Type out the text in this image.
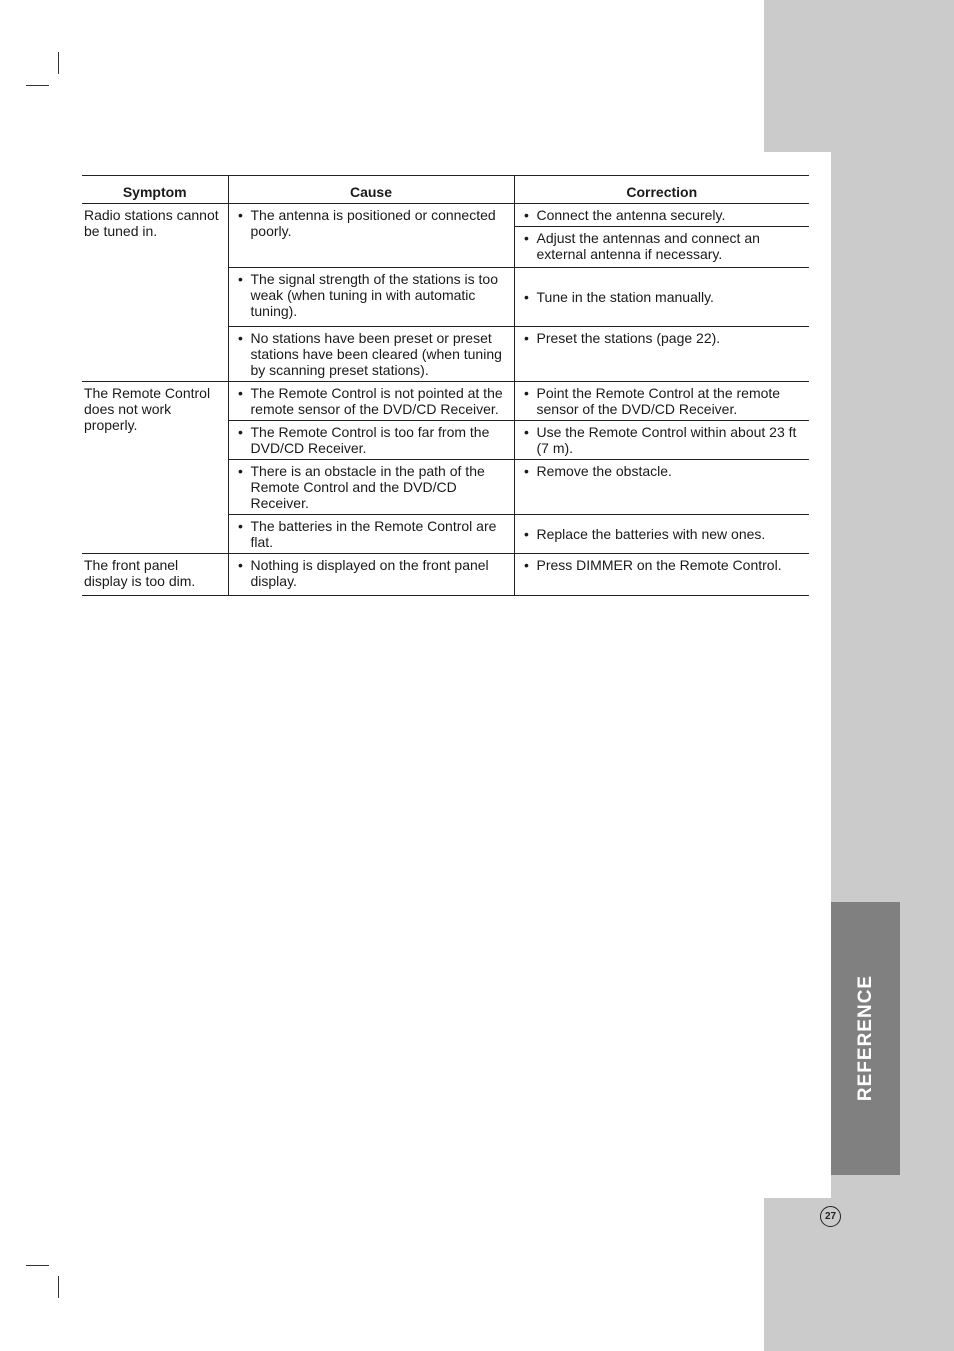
REFERENCE
27
Symptom	Cause	Correction
Radio stations cannot be tuned in.	• The antenna is positioned or connected poorly.	• Connect the antenna securely.

		• Adjust the antennas and connect an external antenna if necessary.

	• The signal strength of the stations is too weak (when tuning in with automatic tuning).	• Tune in the station manually.

	• No stations have been preset or preset stations have been cleared (when tuning by scanning preset stations).	• Preset the stations (page 22).

The Remote Control does not work properly.	• The Remote Control is not pointed at the remote sensor of the DVD/CD Receiver.	• Point the Remote Control at the remote sensor of the DVD/CD Receiver.

	• The Remote Control is too far from the DVD/CD Receiver.	• Use the Remote Control within about 23 ft (7 m).

	• There is an obstacle in the path of the Remote Control and the DVD/CD Receiver.	• Remove the obstacle.

	• The batteries in the Remote Control are flat.	• Replace the batteries with new ones.

The front panel display is too dim.	• Nothing is displayed on the front panel display.	• Press DIMMER on the Remote Control.
